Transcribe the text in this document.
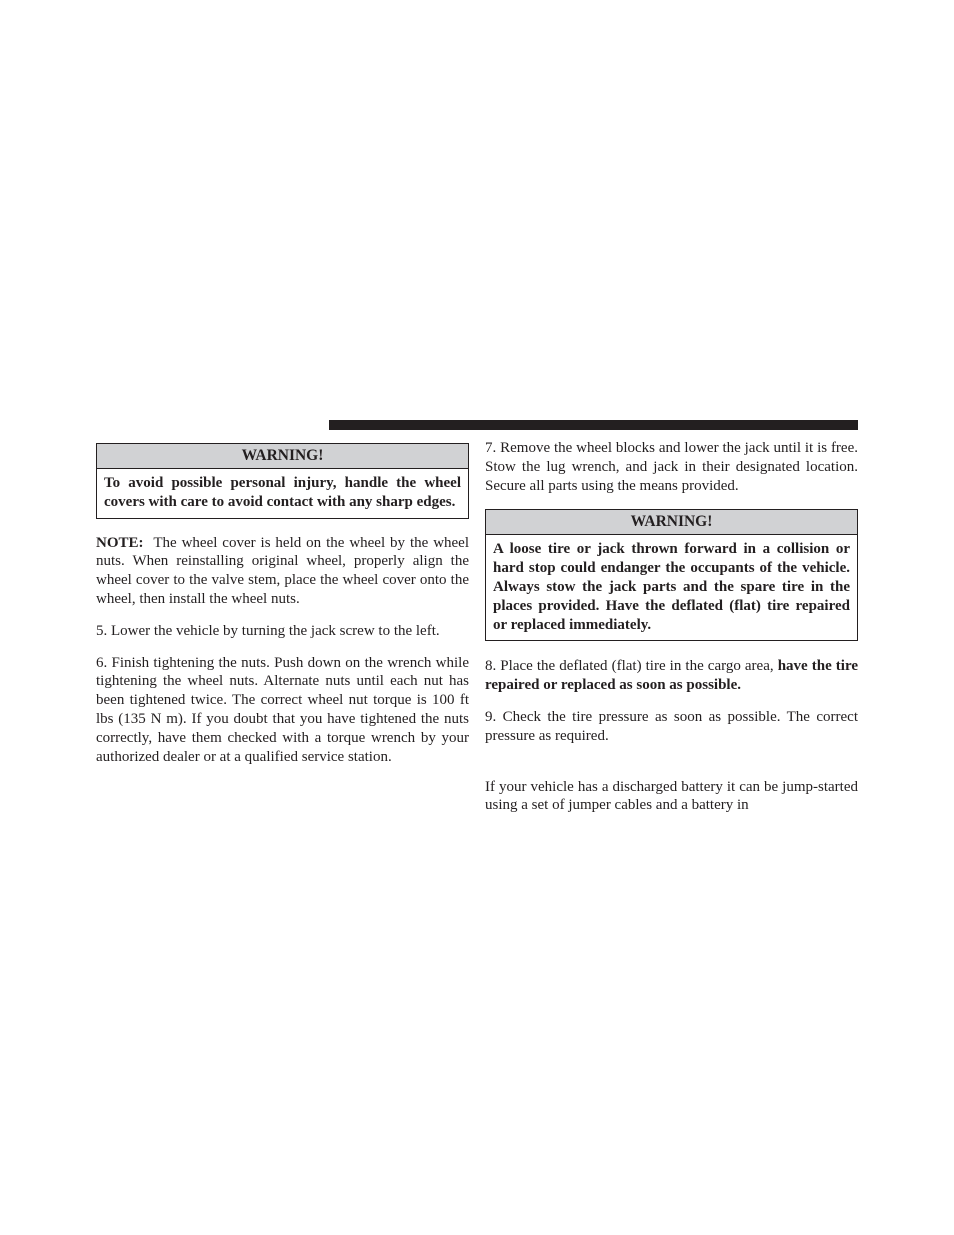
WARNING!
To avoid possible personal injury, handle the wheel covers with care to avoid contact with any sharp edges.

NOTE: The wheel cover is held on the wheel by the wheel nuts. When reinstalling original wheel, properly align the wheel cover to the valve stem, place the wheel cover onto the wheel, then install the wheel nuts.

5. Lower the vehicle by turning the jack screw to the left.

6. Finish tightening the nuts. Push down on the wrench while tightening the wheel nuts. Alternate nuts until each nut has been tightened twice. The correct wheel nut torque is 100 ft lbs (135 N m). If you doubt that you have tightened the nuts correctly, have them checked with a torque wrench by your authorized dealer or at a qualified service station.

7. Remove the wheel blocks and lower the jack until it is free. Stow the lug wrench, and jack in their designated location. Secure all parts using the means provided.

WARNING!
A loose tire or jack thrown forward in a collision or hard stop could endanger the occupants of the vehicle. Always stow the jack parts and the spare tire in the places provided. Have the deflated (flat) tire repaired or replaced immediately.

8. Place the deflated (flat) tire in the cargo area, have the tire repaired or replaced as soon as possible.

9. Check the tire pressure as soon as possible. The correct pressure as required.

If your vehicle has a discharged battery it can be jump-started using a set of jumper cables and a battery in
